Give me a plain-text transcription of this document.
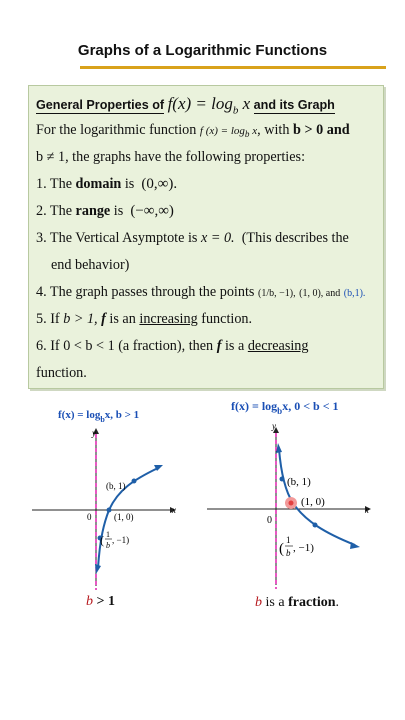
Graphs of a Logarithmic Functions
General Properties of $f(x) = \log_b x$ and its Graph
For the logarithmic function f $(x) = \log_b x$, with b > 0 and
b ≠ 1, the graphs have the following properties:
1. The domain is (0,∞).
2. The range is (−∞,∞)
3. The Vertical Asymptote is x = 0. (This describes the
end behavior)
4. The graph passes through the points (1/b, −1), (1, 0), and (b,1).
5. If b > 1, f is an increasing function.
6. If 0 < b < 1 (a fraction), then f is a decreasing
function.
$f(x) = \log_bx$, b > 1
x
y
0
(b, 1)
(1, 0)
( 1
b
, −1)
b > 1
$f(x) = \log_bx$, 0 < b < 1
x
y
0
(b, 1)
(1, 0)
(
1
b , −1)
b is a fraction.
